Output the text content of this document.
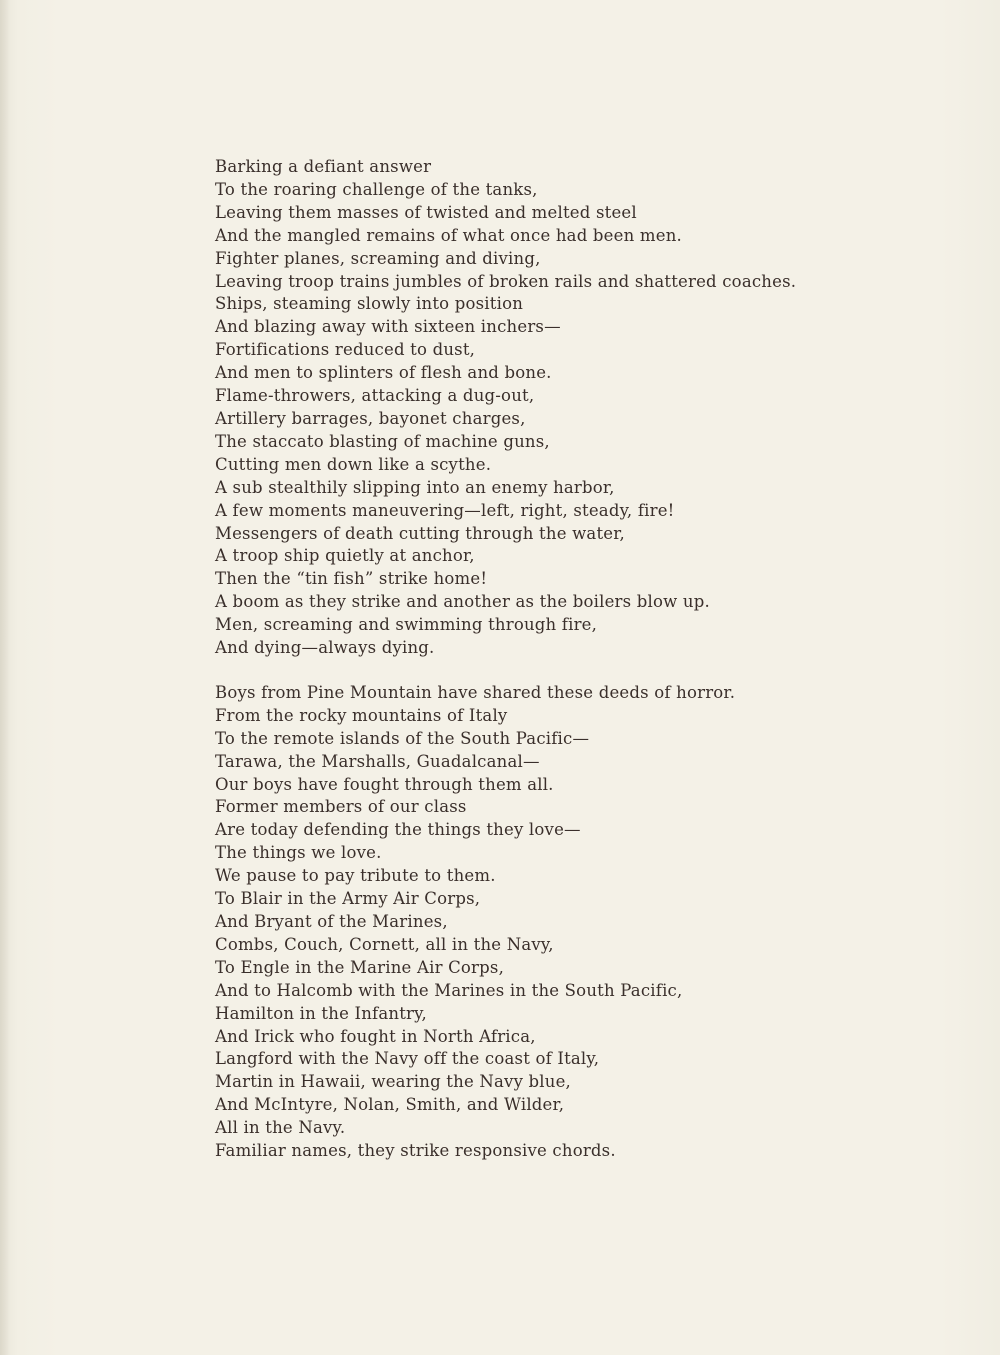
Barking a defiant answer
To the roaring challenge of the tanks,
Leaving them masses of twisted and melted steel
And the mangled remains of what once had been men.
Fighter planes, screaming and diving,
Leaving troop trains jumbles of broken rails and shattered coaches.
Ships, steaming slowly into position
And blazing away with sixteen inchers—
Fortifications reduced to dust,
And men to splinters of flesh and bone.
Flame-throwers, attacking a dug-out,
Artillery barrages, bayonet charges,
The staccato blasting of machine guns,
Cutting men down like a scythe.
A sub stealthily slipping into an enemy harbor,
A few moments maneuvering—left, right, steady, fire!
Messengers of death cutting through the water,
A troop ship quietly at anchor,
Then the “tin fish” strike home!
A boom as they strike and another as the boilers blow up.
Men, screaming and swimming through fire,
And dying—always dying.
Boys from Pine Mountain have shared these deeds of horror.
From the rocky mountains of Italy
To the remote islands of the South Pacific—
Tarawa, the Marshalls, Guadalcanal—
Our boys have fought through them all.
Former members of our class
Are today defending the things they love—
The things we love.
We pause to pay tribute to them.
To Blair in the Army Air Corps,
And Bryant of the Marines,
Combs, Couch, Cornett, all in the Navy,
To Engle in the Marine Air Corps,
And to Halcomb with the Marines in the South Pacific,
Hamilton in the Infantry,
And Irick who fought in North Africa,
Langford with the Navy off the coast of Italy,
Martin in Hawaii, wearing the Navy blue,
And McIntyre, Nolan, Smith, and Wilder,
All in the Navy.
Familiar names, they strike responsive chords.
